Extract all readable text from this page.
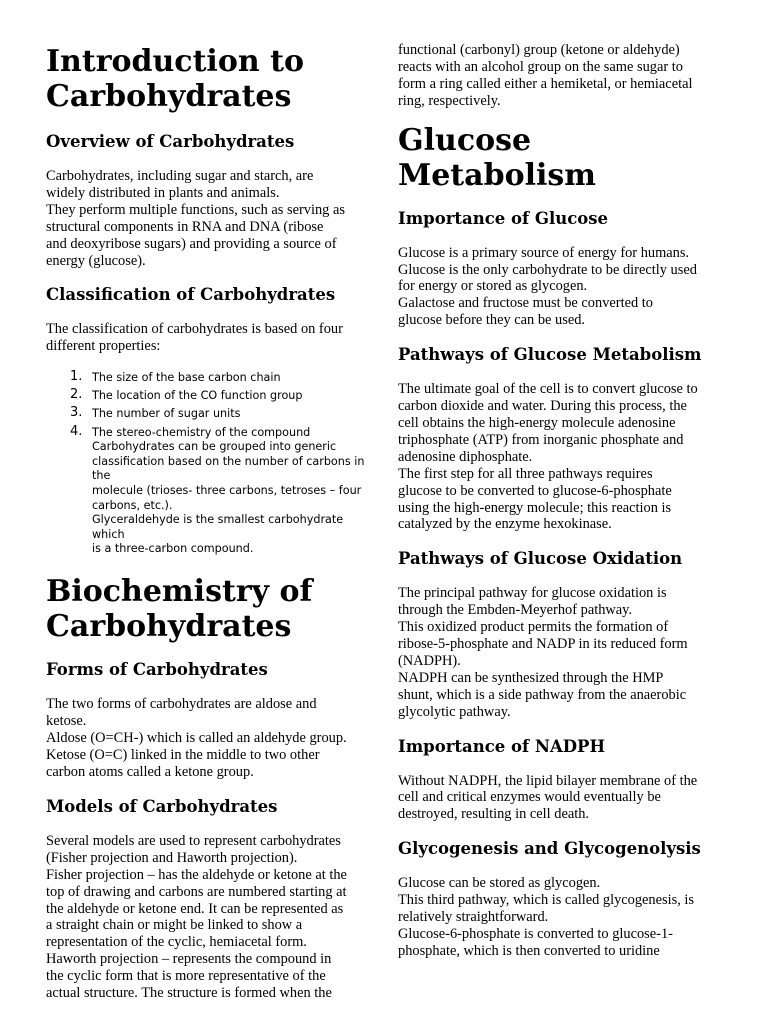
Introduction to
Carbohydrates
Overview of Carbohydrates
Carbohydrates, including sugar and starch, are
widely distributed in plants and animals.
They perform multiple functions, such as serving as
structural components in RNA and DNA (ribose
and deoxyribose sugars) and providing a source of
energy (glucose).
Classification of Carbohydrates
The classification of carbohydrates is based on four
different properties:
1. The size of the base carbon chain
2. The location of the CO function group
3. The number of sugar units
4. The stereo-chemistry of the compound
Carbohydrates can be grouped into generic
classification based on the number of carbons in the
molecule (trioses- three carbons, tetroses – four
carbons, etc.).
Glyceraldehyde is the smallest carbohydrate which
is a three-carbon compound.
Biochemistry of
Carbohydrates
Forms of Carbohydrates
The two forms of carbohydrates are aldose and
ketose.
Aldose (O=CH-) which is called an aldehyde group.
Ketose (O=C) linked in the middle to two other
carbon atoms called a ketone group.
Models of Carbohydrates
Several models are used to represent carbohydrates
(Fisher projection and Haworth projection).
Fisher projection – has the aldehyde or ketone at the
top of drawing and carbons are numbered starting at
the aldehyde or ketone end. It can be represented as
a straight chain or might be linked to show a
representation of the cyclic, hemiacetal form.
Haworth projection – represents the compound in
the cyclic form that is more representative of the
actual structure. The structure is formed when the
functional (carbonyl) group (ketone or aldehyde)
reacts with an alcohol group on the same sugar to
form a ring called either a hemiketal, or hemiacetal
ring, respectively.
Glucose
Metabolism
Importance of Glucose
Glucose is a primary source of energy for humans.
Glucose is the only carbohydrate to be directly used
for energy or stored as glycogen.
Galactose and fructose must be converted to
glucose before they can be used.
Pathways of Glucose Metabolism
The ultimate goal of the cell is to convert glucose to
carbon dioxide and water. During this process, the
cell obtains the high-energy molecule adenosine
triphosphate (ATP) from inorganic phosphate and
adenosine diphosphate.
The first step for all three pathways requires
glucose to be converted to glucose-6-phosphate
using the high-energy molecule; this reaction is
catalyzed by the enzyme hexokinase.
Pathways of Glucose Oxidation
The principal pathway for glucose oxidation is
through the Embden-Meyerhof pathway.
This oxidized product permits the formation of
ribose-5-phosphate and NADP in its reduced form
(NADPH).
NADPH can be synthesized through the HMP
shunt, which is a side pathway from the anaerobic
glycolytic pathway.
Importance of NADPH
Without NADPH, the lipid bilayer membrane of the
cell and critical enzymes would eventually be
destroyed, resulting in cell death.
Glycogenesis and Glycogenolysis
Glucose can be stored as glycogen.
This third pathway, which is called glycogenesis, is
relatively straightforward.
Glucose-6-phosphate is converted to glucose-1-
phosphate, which is then converted to uridine
